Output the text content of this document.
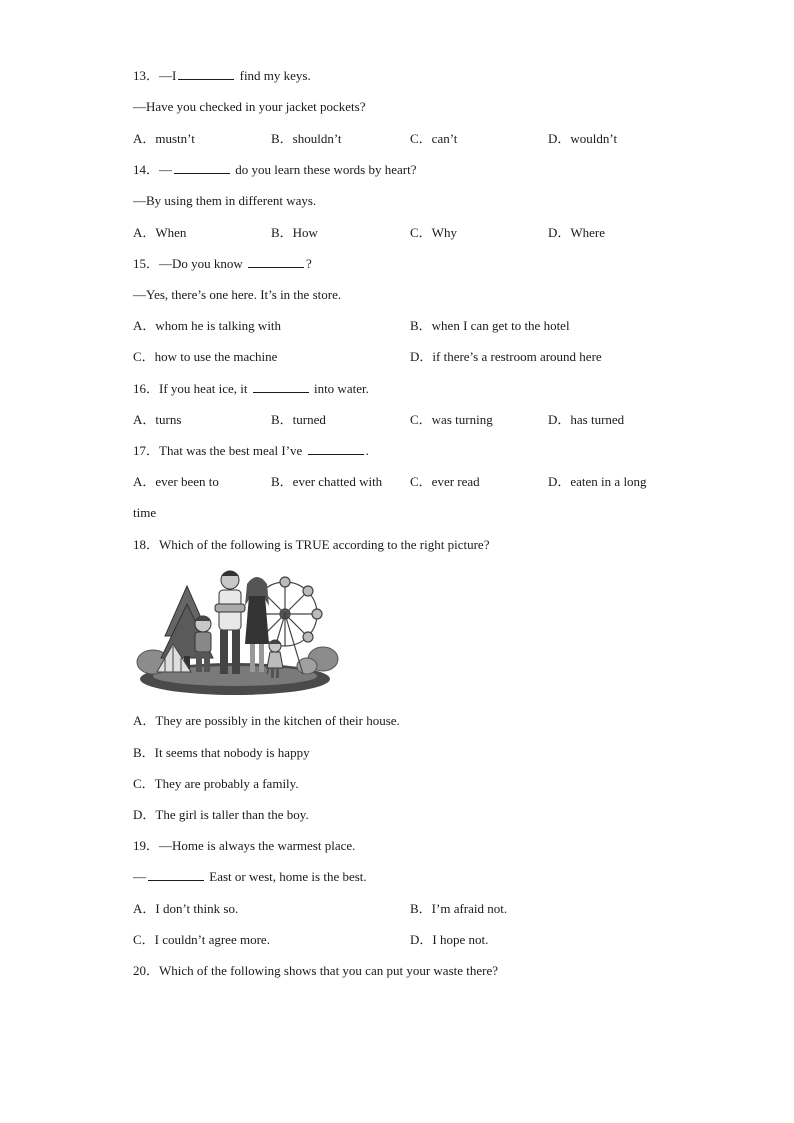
13．—I	find my keys.
—Have you checked in your jacket pockets?
A．mustn’t	B．shouldn’t	C．can’t	D．wouldn’t
14．—	do you learn these words by heart?
—By using them in different ways.
A．When	B．How	C．Why	D．Where
15．—Do you know	?
—Yes, there’s one here. It’s in the store.
A．whom he is talking with	B．when I can get to the hotel
C．how to use the machine	D．if there’s a restroom around here
16．If you heat ice, it	into water.
A．turns	B．turned	C．was turning	D．has turned
17．That was the best meal I’ve	.
A．ever been to	B．ever chatted with C．ever read	D．eaten in a long
time
18．Which of the following is TRUE according to the right picture?
A．They are possibly in the kitchen of their house.
B．It seems that nobody is happy
C．They are probably a family.
D．The girl is taller than the boy.
19．—Home is always the warmest place.
—	East or west, home is the best.
A．I don’t think so.	B．I’m afraid not.
C．I couldn’t agree more.	D．I hope not.
20．Which of the following shows that you can put your waste there?
